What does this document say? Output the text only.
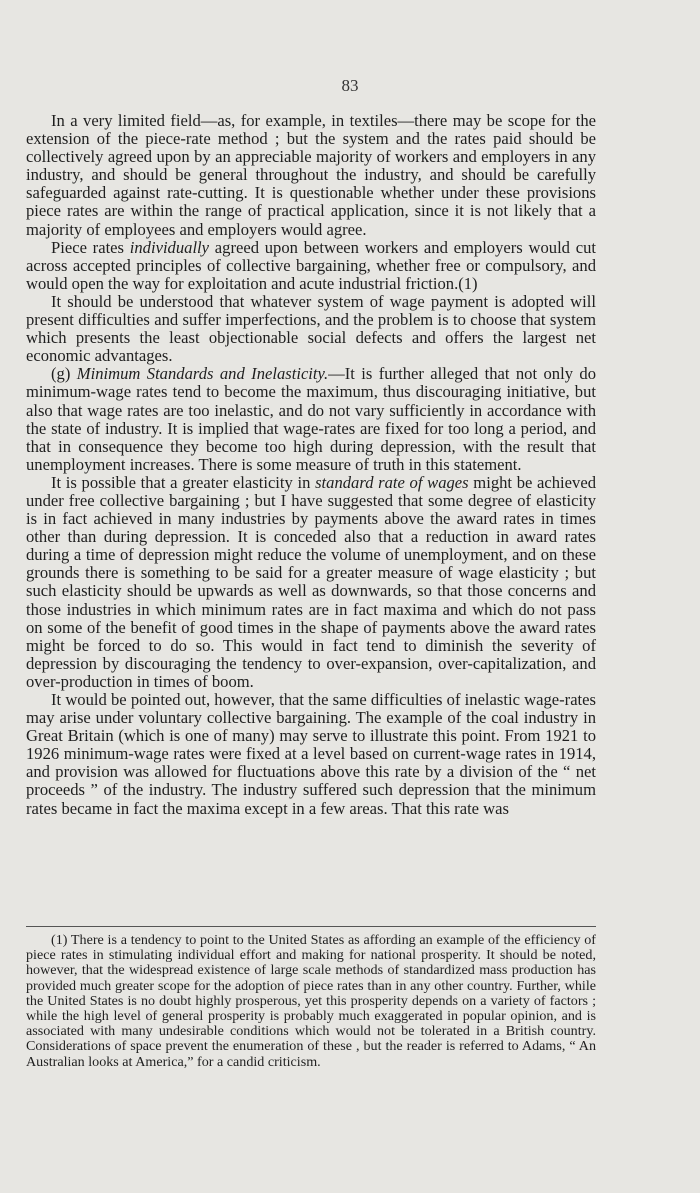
83

In a very limited field—as, for example, in textiles—there may be scope for the extension of the piece-rate method ; but the system and the rates paid should be collectively agreed upon by an appreciable majority of workers and employers in any industry, and should be general throughout the industry, and should be carefully safeguarded against rate-cutting. It is questionable whether under these provisions piece rates are within the range of practical application, since it is not likely that a majority of employees and employers would agree.

Piece rates individually agreed upon between workers and employers would cut across accepted principles of collective bargaining, whether free or compulsory, and would open the way for exploitation and acute industrial friction.(1)

It should be understood that whatever system of wage payment is adopted will present difficulties and suffer imperfections, and the problem is to choose that system which presents the least objectionable social defects and offers the largest net economic advantages.

(g) Minimum Standards and Inelasticity.—It is further alleged that not only do minimum-wage rates tend to become the maximum, thus discouraging initiative, but also that wage rates are too inelastic, and do not vary sufficiently in accordance with the state of industry. It is implied that wage-rates are fixed for too long a period, and that in consequence they become too high during depression, with the result that unemployment increases. There is some measure of truth in this statement.

It is possible that a greater elasticity in standard rate of wages might be achieved under free collective bargaining ; but I have suggested that some degree of elasticity is in fact achieved in many industries by payments above the award rates in times other than during depression. It is conceded also that a reduction in award rates during a time of depression might reduce the volume of unemployment, and on these grounds there is something to be said for a greater measure of wage elasticity ; but such elasticity should be upwards as well as downwards, so that those concerns and those industries in which minimum rates are in fact maxima and which do not pass on some of the benefit of good times in the shape of payments above the award rates might be forced to do so. This would in fact tend to diminish the severity of depression by discouraging the tendency to over-expansion, over-capitalization, and over-production in times of boom.

It would be pointed out, however, that the same difficulties of inelastic wage-rates may arise under voluntary collective bargaining. The example of the coal industry in Great Britain (which is one of many) may serve to illustrate this point. From 1921 to 1926 minimum-wage rates were fixed at a level based on current-wage rates in 1914, and provision was allowed for fluctuations above this rate by a division of the “ net proceeds ” of the industry. The industry suffered such depression that the minimum rates became in fact the maxima except in a few areas. That this rate was

(1) There is a tendency to point to the United States as affording an example of the efficiency of piece rates in stimulating individual effort and making for national prosperity. It should be noted, however, that the widespread existence of large scale methods of standardized mass production has provided much greater scope for the adoption of piece rates than in any other country. Further, while the United States is no doubt highly prosperous, yet this prosperity depends on a variety of factors ; while the high level of general prosperity is probably much exaggerated in popular opinion, and is associated with many undesirable conditions which would not be tolerated in a British country. Considerations of space prevent the enumeration of these , but the reader is referred to Adams, “ An Australian looks at America,” for a candid criticism.
